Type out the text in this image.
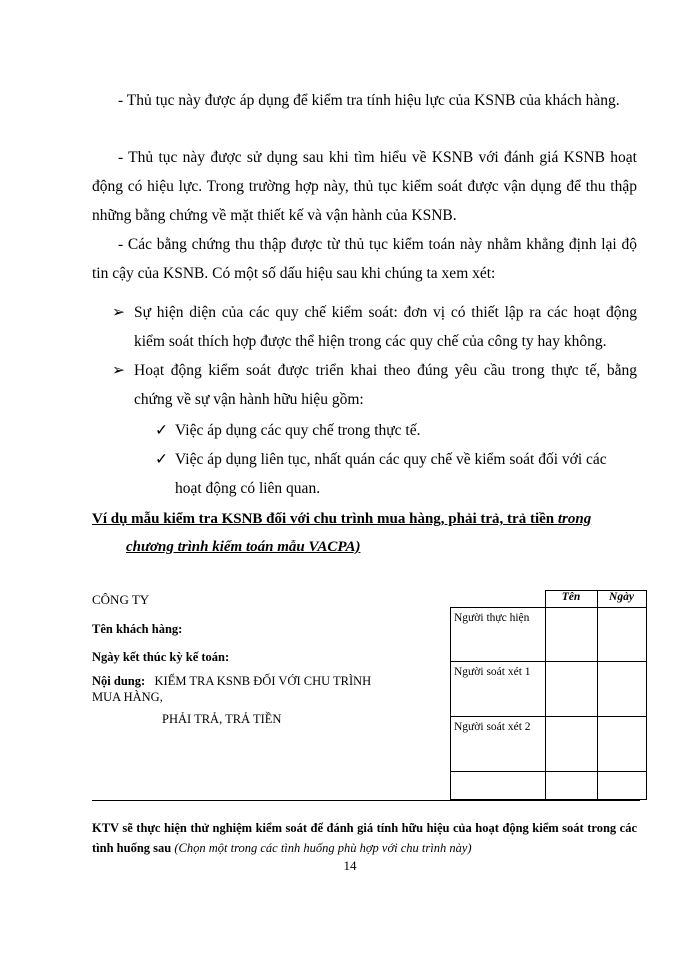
- Thủ tục này được áp dụng để kiểm tra tính hiệu lực của KSNB của khách hàng.

- Thủ tục này được sử dụng sau khi tìm hiểu về KSNB với đánh giá KSNB hoạt động có hiệu lực. Trong trường hợp này, thủ tục kiểm soát được vận dụng để thu thập những bằng chứng về mặt thiết kế và vận hành của KSNB.

- Các bằng chứng thu thập được từ thủ tục kiểm toán này nhằm khẳng định lại độ tin cậy của KSNB. Có một số dấu hiệu sau khi chúng ta xem xét:

➢ Sự hiện diện của các quy chế kiểm soát: đơn vị có thiết lập ra các hoạt động kiểm soát thích hợp được thể hiện trong các quy chế của công ty hay không.
➢ Hoạt động kiểm soát được triển khai theo đúng yêu cầu trong thực tế, bằng chứng về sự vận hành hữu hiệu gồm:
✓ Việc áp dụng các quy chế trong thực tế.
✓ Việc áp dụng liên tục, nhất quán các quy chế về kiểm soát đối với các hoạt động có liên quan.
Ví dụ mẫu kiểm tra KSNB đối với chu trình mua hàng, phải trả, trả tiền trong
chương trình kiểm toán mẫu VACPA)
CÔNG TY
Tên khách hàng:
Ngày kết thúc kỳ kế toán:
Nội dung: KIỂM TRA KSNB ĐỐI VỚI CHU TRÌNH
MUA HÀNG,
PHẢI TRẢ, TRẢ TIỀN
	Tên	Ngày
Người thực hiện		
Người soát xét 1		
Người soát xét 2		

KTV sẽ thực hiện thử nghiệm kiểm soát để đánh giá tính hữu hiệu của hoạt động kiểm soát trong các tình huống sau (Chọn một trong các tình huống phù hợp với chu trình này)

14
